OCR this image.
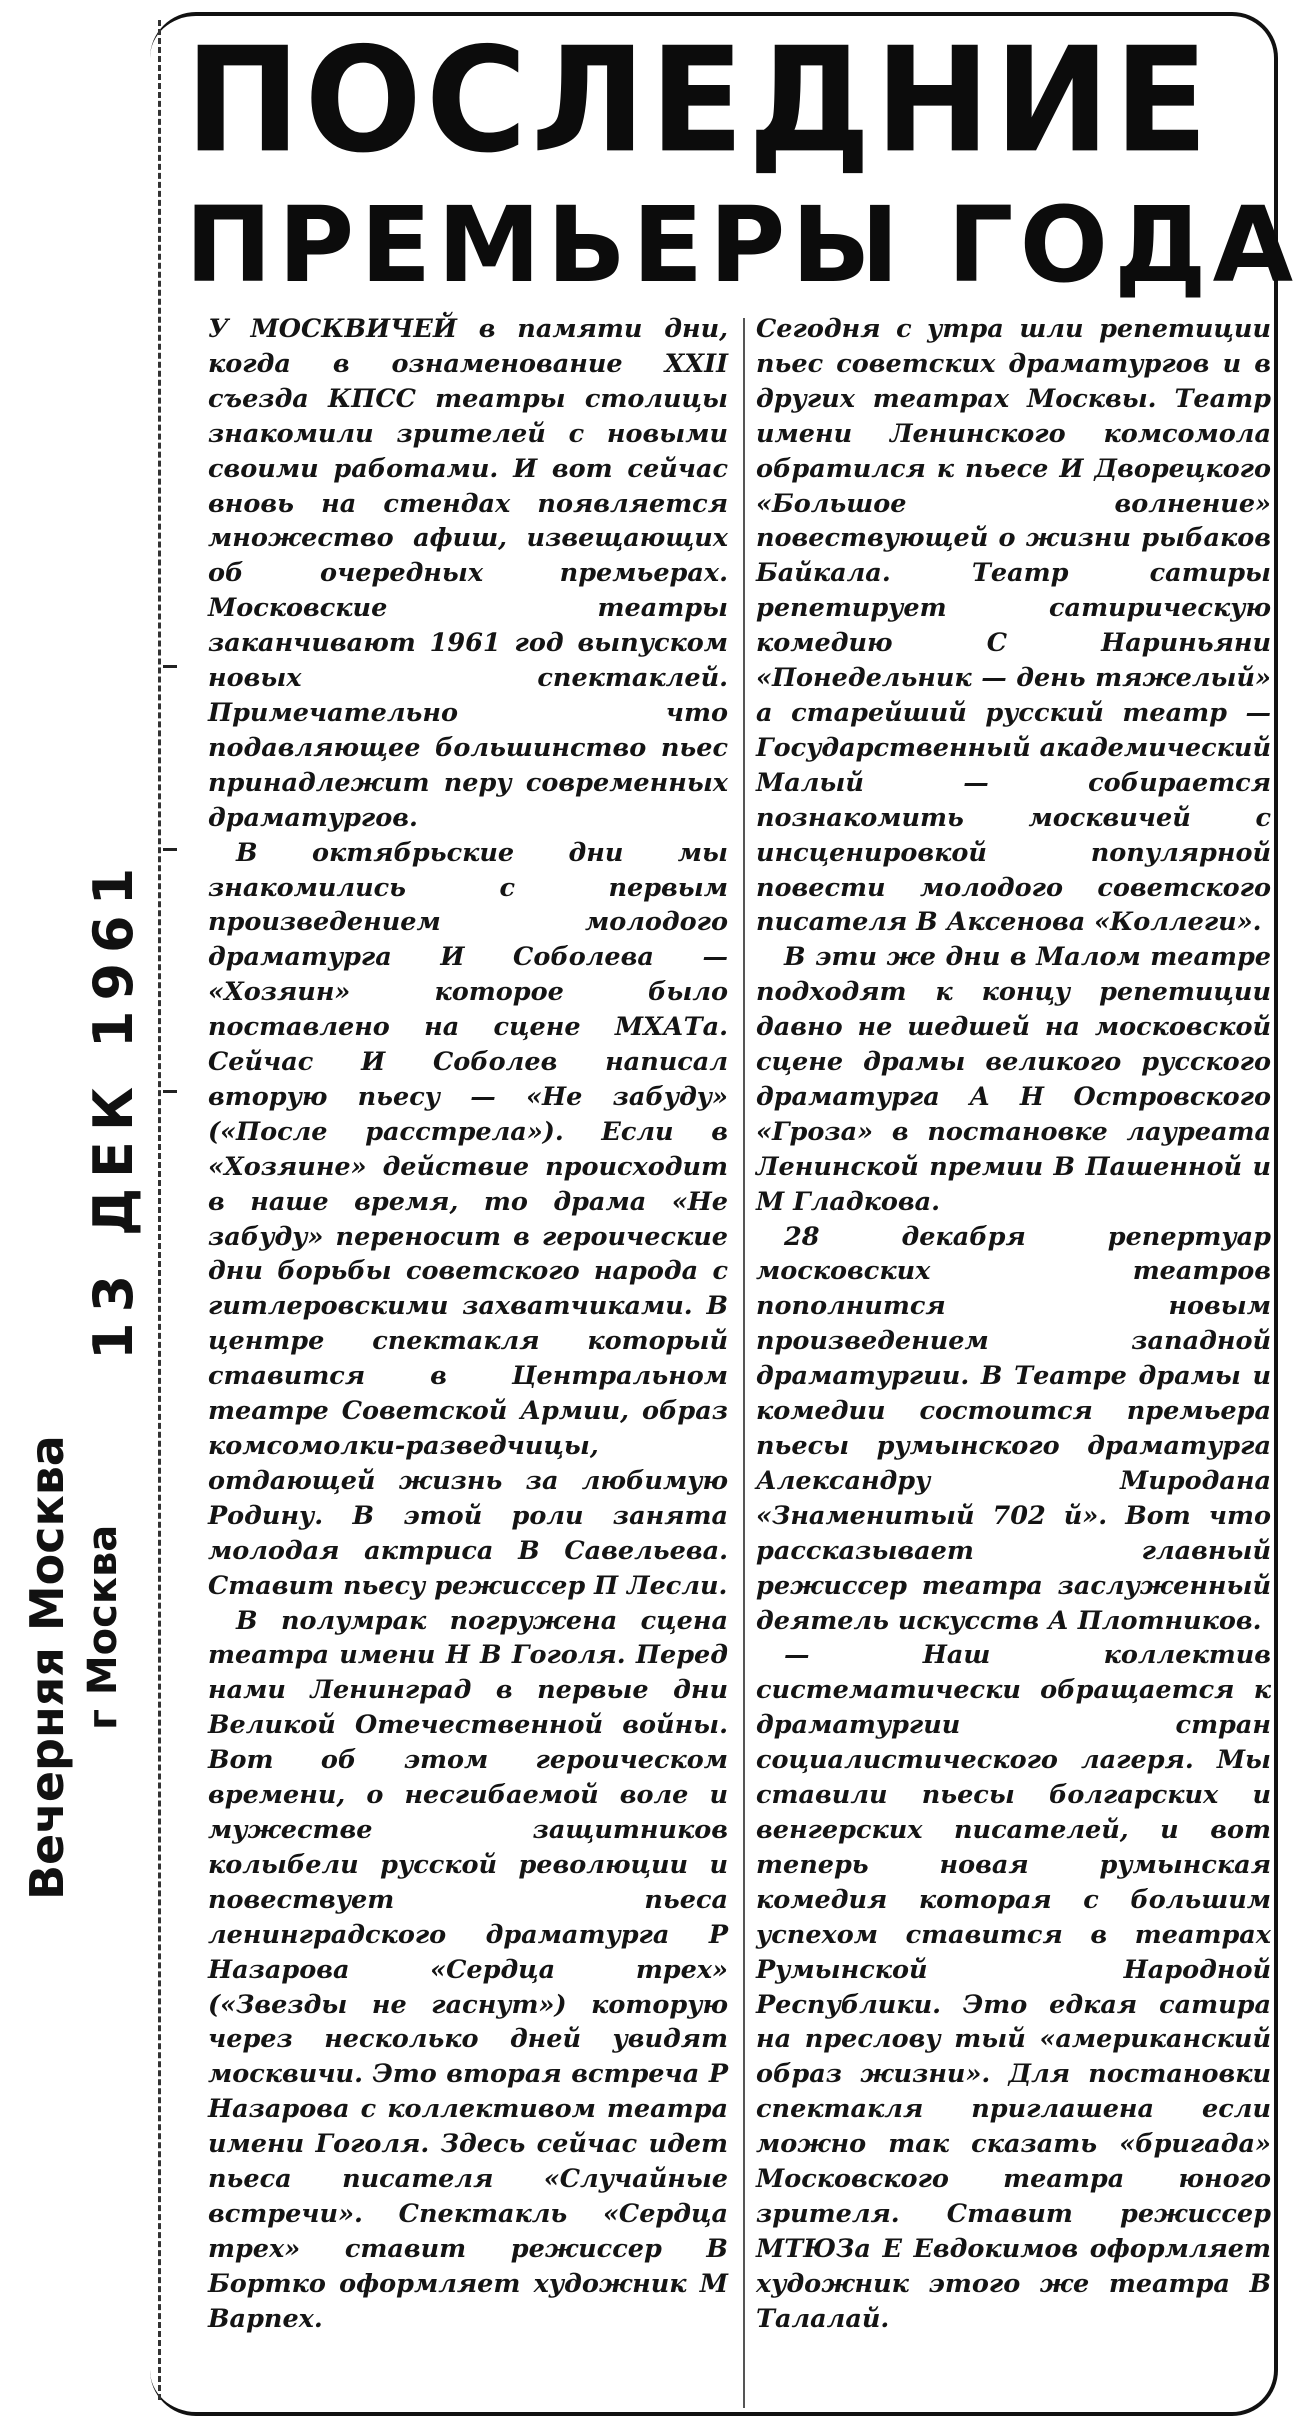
ПОСЛЕДНИЕ
ПРЕМЬЕРЫ ГОДА
13 ДЕК 1961
г Москва
Вечерняя Москва

У МОСКВИЧЕЙ в памяти дни, когда в ознаменование XXII съезда КПСС театры столицы знакомили зрителей с новыми своими работами. И вот сейчас вновь на стендах появляется множество афиш, извещающих об очередных премьерах. Московские театры заканчивают 1961 год выпуском новых спектаклей. Примечательно что подавляющее большинство пьес принадлежит перу современных драматургов.

В октябрьские дни мы знакомились с первым произведением молодого драматурга И Соболева — «Хозяин» которое было поставлено на сцене МХАТа. Сейчас И Соболев написал вторую пьесу — «Не забуду» («После расстрела»). Если в «Хозяине» действие происходит в наше время, то драма «Не забуду» переносит в героические дни борьбы советского народа с гитлеровскими захватчиками. В центре спектакля который ставится в Центральном театре Советской Армии, образ комсомолки-разведчицы, отдающей жизнь за любимую Родину. В этой роли занята молодая актриса В Савельева. Ставит пьесу режиссер П Лесли.

В полумрак погружена сцена театра имени Н В Гоголя. Перед нами Ленинград в первые дни Великой Отечественной войны. Вот об этом героическом времени, о несгибаемой воле и мужестве защитников колыбели русской революции и повествует пьеса ленинградского драматурга Р Назарова «Сердца трех» («Звезды не гаснут») которую через несколько дней увидят москвичи. Это вторая встреча Р Назарова с коллективом театра имени Гоголя. Здесь сейчас идет пьеса писателя «Случайные встречи». Спектакль «Сердца трех» ставит режиссер В Бортко оформляет художник М Варпех.

Сегодня с утра шли репетиции пьес советских драматургов и в других театрах Москвы. Театр имени Ленинского комсомола обратился к пьесе И Дворецкого «Большое волнение» повествующей о жизни рыбаков Байкала. Театр сатиры репетирует сатирическую комедию С Нариньяни «Понедельник — день тяжелый» а старейший русский театр — Государственный академический Малый — собирается познакомить москвичей с инсценировкой популярной повести молодого советского писателя В Аксенова «Коллеги».

В эти же дни в Малом театре подходят к концу репетиции давно не шедшей на московской сцене драмы великого русского драматурга А Н Островского «Гроза» в постановке лауреата Ленинской премии В Пашенной и М Гладкова.

28 декабря репертуар московских театров пополнится новым произведением западной драматургии. В Театре драмы и комедии состоится премьера пьесы румынского драматурга Александру Миродана «Знаменитый 702 й». Вот что рассказывает главный режиссер театра заслуженный деятель искусств А Плотников.

— Наш коллектив систематически обращается к драматургии стран социалистического лагеря. Мы ставили пьесы болгарских и венгерских писателей, и вот теперь новая румынская комедия которая с большим успехом ставится в театрах Румынской Народной Республики. Это едкая сатира на преслову тый «американский образ жизни». Для постановки спектакля приглашена если можно так сказать «бригада» Московского театра юного зрителя. Ставит режиссер МТЮЗа Е Евдокимов оформляет художник этого же театра В Талалай.
